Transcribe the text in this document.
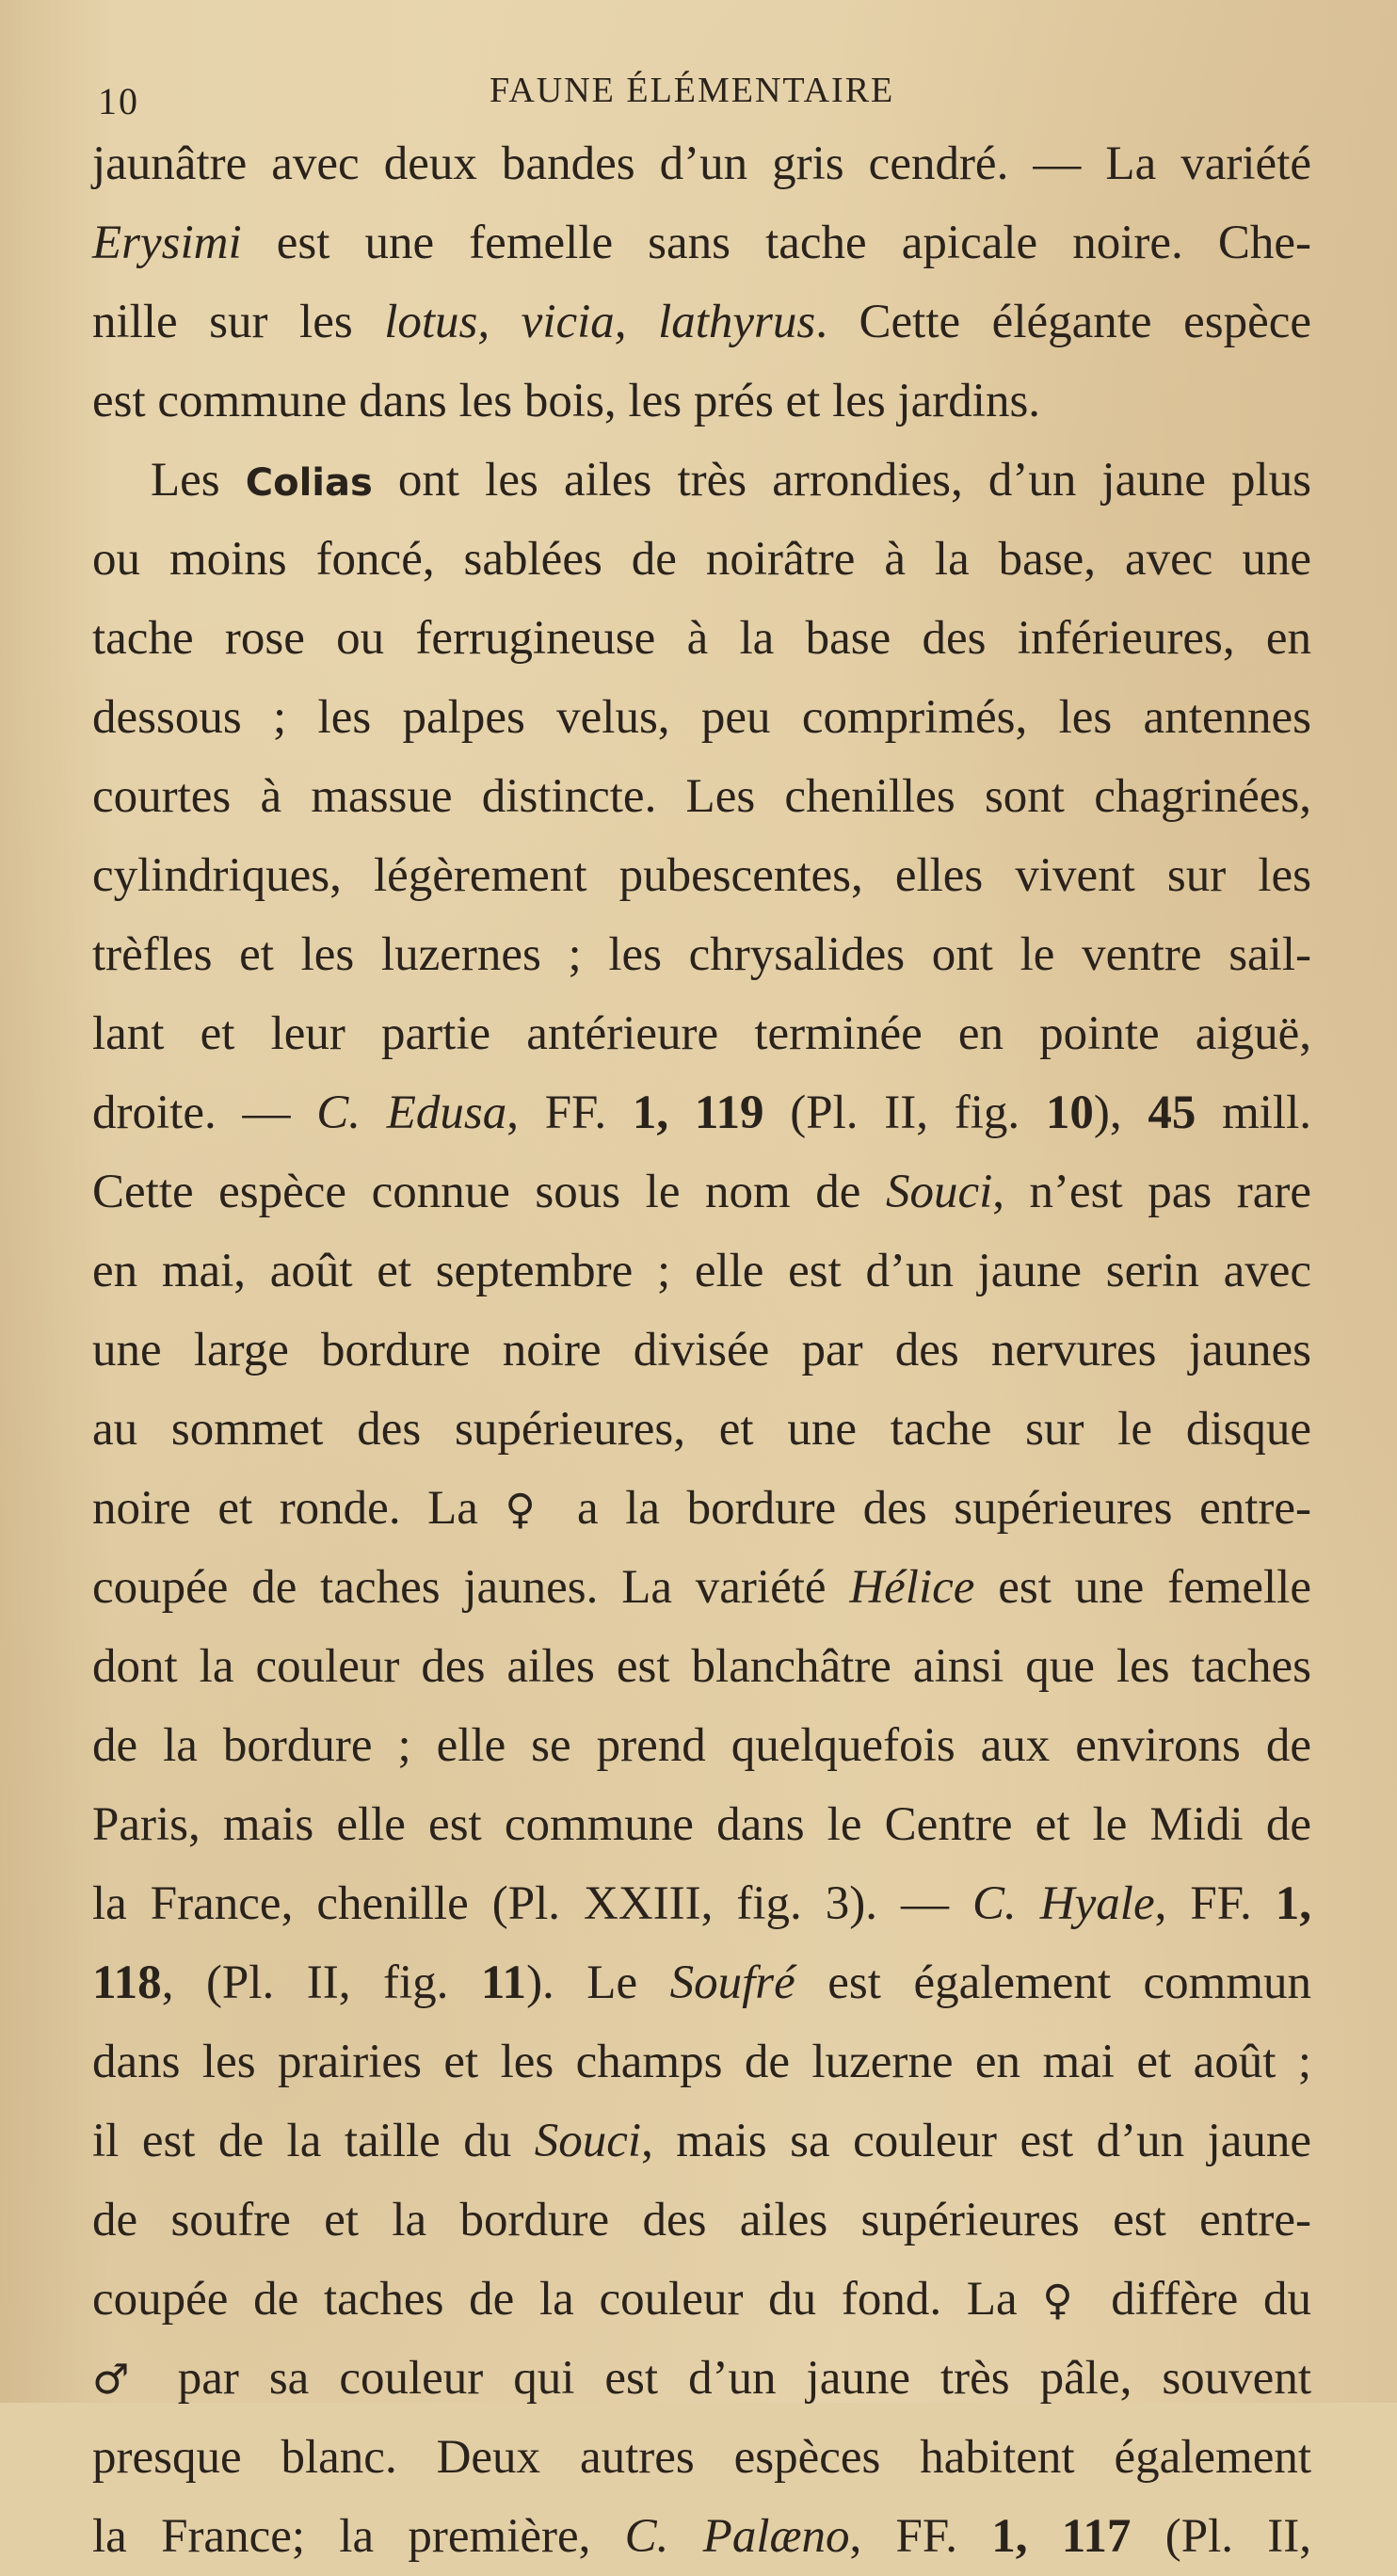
10	FAUNE ÉLÉMENTAIRE
jaunâtre avec deux bandes d’un gris cendré. — La variété
Erysimi est une femelle sans tache apicale noire. Che-
nille sur les lotus, vicia, lathyrus. Cette élégante espèce
est commune dans les bois, les prés et les jardins.
Les Colias ont les ailes très arrondies, d’un jaune plus
ou moins foncé, sablées de noirâtre à la base, avec une
tache rose ou ferrugineuse à la base des inférieures, en
dessous ; les palpes velus, peu comprimés, les antennes
courtes à massue distincte. Les chenilles sont chagrinées,
cylindriques, légèrement pubescentes, elles vivent sur les
trèfles et les luzernes ; les chrysalides ont le ventre sail-
lant et leur partie antérieure terminée en pointe aiguë,
droite. — C. Edusa, FF. 1, 119 (Pl. II, fig. 10), 45 mill.
Cette espèce connue sous le nom de Souci, n’est pas rare
en mai, août et septembre ; elle est d’un jaune serin avec
une large bordure noire divisée par des nervures jaunes
au sommet des supérieures, et une tache sur le disque
noire et ronde. La ♀ a la bordure des supérieures entre-
coupée de taches jaunes. La variété Hélice est une femelle
dont la couleur des ailes est blanchâtre ainsi que les taches
de la bordure ; elle se prend quelquefois aux environs de
Paris, mais elle est commune dans le Centre et le Midi de
la France, chenille (Pl. XXIII, fig. 3). — C. Hyale, FF. 1,
118, (Pl. II, fig. 11). Le Soufré est également commun
dans les prairies et les champs de luzerne en mai et août ;
il est de la taille du Souci, mais sa couleur est d’un jaune
de soufre et la bordure des ailes supérieures est entre-
coupée de taches de la couleur du fond. La ♀ diffère du
♂ par sa couleur qui est d’un jaune très pâle, souvent
presque blanc. Deux autres espèces habitent également
la France; la première, C. Palæno, FF. 1, 117 (Pl. II,
